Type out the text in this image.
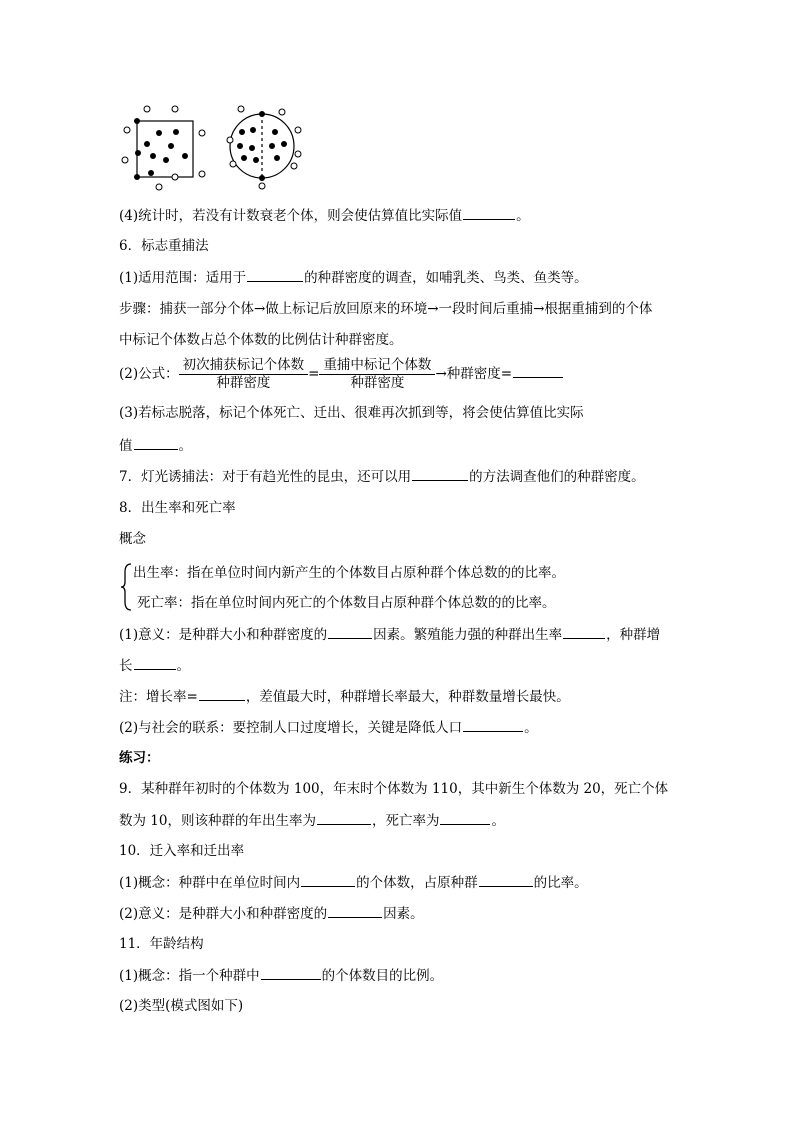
(4)统计时，若没有计数衰老个体，则会使估算值比实际值	。
6．标志重捕法
(1)适用范围：适用于	的种群密度的调查，如哺乳类、鸟类、鱼类等。
步骤：捕获一部分个体→做上标记后放回原来的环境→一段时间后重捕→根据重捕到的个体
中标记个体数占总个体数的比例估计种群密度。
(2)公式： $\frac{\text{初次捕获标记个体数}}{\text{种群密度}} = \frac{\text{重捕中标记个体数}}{\text{种群密度}}$ →种群密度=
(3)若标志脱落，标记个体死亡、迁出、很难再次抓到等，将会使估算值比实际
值	。
7．灯光诱捕法：对于有趋光性的昆虫，还可以用	的方法调查他们的种群密度。
8．出生率和死亡率
概念
出生率：指在单位时间内新产生的个体数目占原种群个体总数的的比率。
死亡率：指在单位时间内死亡的个体数目占原种群个体总数的的比率。
(1)意义：是种群大小和种群密度的	因素。繁殖能力强的种群出生率	，种群增
长	。
注：增长率=	，差值最大时，种群增长率最大，种群数量增长最快。
(2)与社会的联系：要控制人口过度增长，关键是降低人口	。
练习：
9．某种群年初时的个体数为 100，年末时个体数为 110，其中新生个体数为 20，死亡个体
数为 10，则该种群的年出生率为	，死亡率为	。
10．迁入率和迁出率
(1)概念：种群中在单位时间内	的个体数，占原种群	的比率。
(2)意义：是种群大小和种群密度的	因素。
11．年龄结构
(1)概念：指一个种群中	的个体数目的比例。
(2)类型(模式图如下)
